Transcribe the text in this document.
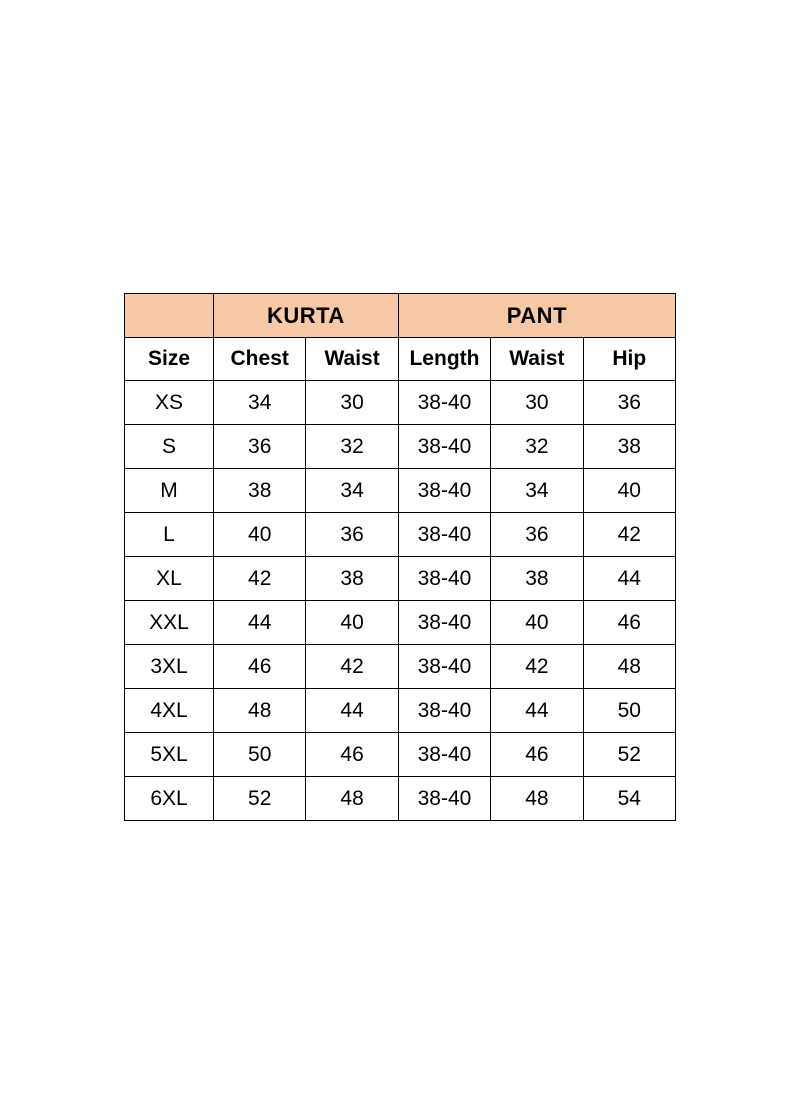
	KURTA		PANT		
Size	Chest	Waist	Length	Waist	Hip
XS	34	30	38-40	30	36
S	36	32	38-40	32	38
M	38	34	38-40	34	40
L	40	36	38-40	36	42
XL	42	38	38-40	38	44
XXL	44	40	38-40	40	46
3XL	46	42	38-40	42	48
4XL	48	44	38-40	44	50
5XL	50	46	38-40	46	52
6XL	52	48	38-40	48	54
